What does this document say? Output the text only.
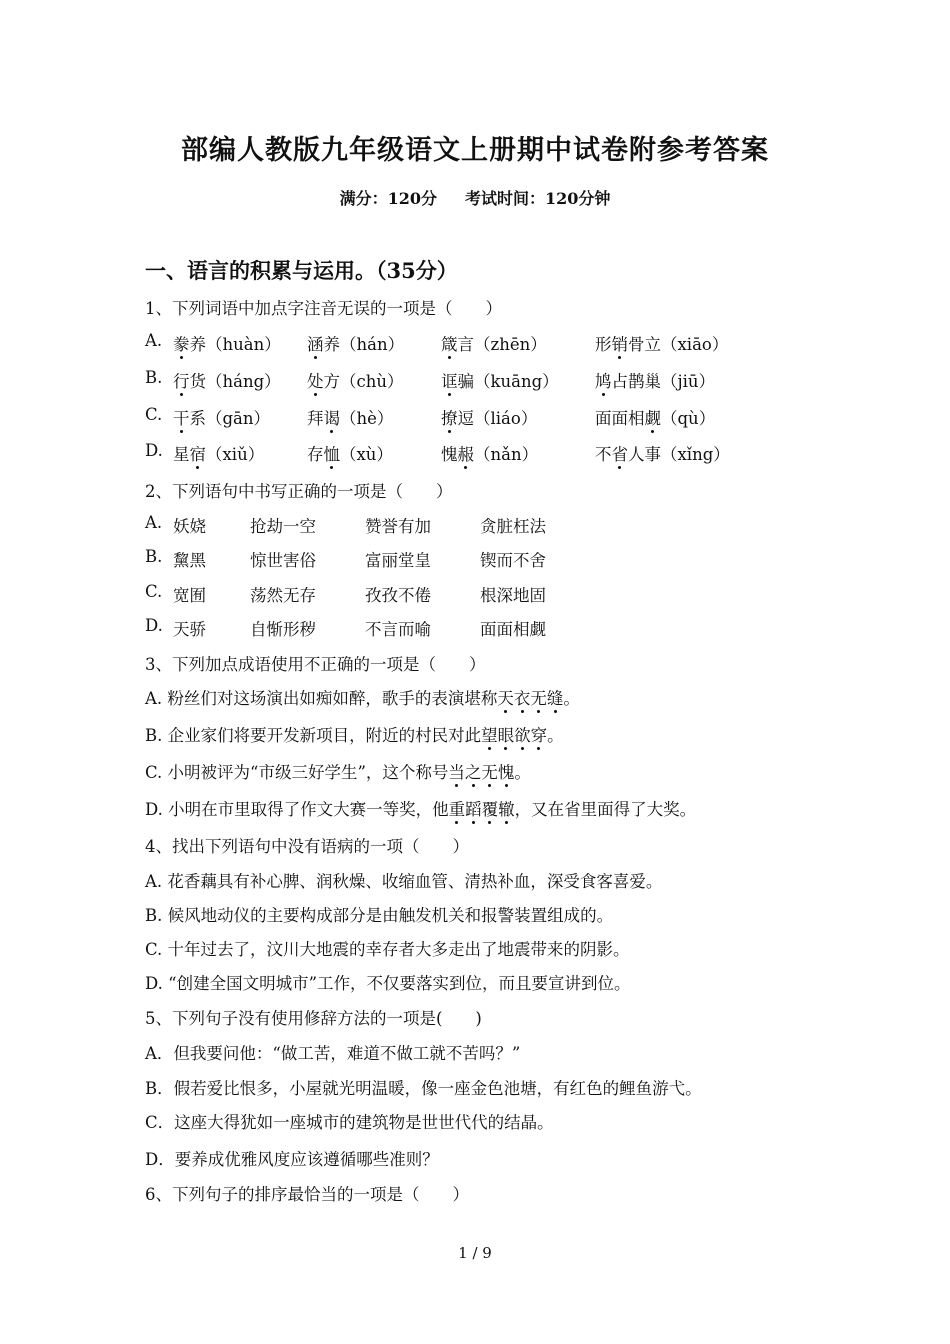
部编人教版九年级语文上册期中试卷附参考答案
满分：120分 考试时间：120分钟
一、语言的积累与运用。（35分）
1、下列词语中加点字注音无误的一项是（　　）
A. 豢养（huàn） 涵养（hán） 箴言（zhēn）	形销骨立（xiāo）
B. 行货（háng） 处方（chù） 诓骗（kuāng） 鸠占鹊巢（jiū）
C. 干系（gān） 拜谒（hè）	撩逗（liáo）	面面相觑（qù）
D. 星宿（xiǔ）	存恤（xù）	愧赧（nǎn）	不省人事（xǐng）
2、下列语句中书写正确的一项是（　　）
A. 妖娆	抢劫一空	赞誉有加	贪脏枉法
B. 黧黑	惊世害俗	富丽堂皇	锲而不舍
C. 宽囿	荡然无存	孜孜不倦	根深地固
D. 天骄	自惭形秽	不言而喻	面面相觑
3、下列加点成语使用不正确的一项是（　　）
A. 粉丝们对这场演出如痴如醉，歌手的表演堪称天衣无缝。
B. 企业家们将要开发新项目，附近的村民对此望眼欲穿。
C. 小明被评为“市级三好学生”，这个称号当之无愧。
D. 小明在市里取得了作文大赛一等奖，他重蹈覆辙，又在省里面得了大奖。
4、找出下列语句中没有语病的一项（　　）
A. 花香藕具有补心脾、润秋燥、收缩血管、清热补血，深受食客喜爱。
B. 候风地动仪的主要构成部分是由触发机关和报警装置组成的。
C. 十年过去了，汶川大地震的幸存者大多走出了地震带来的阴影。
D. “创建全国文明城市”工作，不仅要落实到位，而且要宣讲到位。
5、下列句子没有使用修辞方法的一项是(　　)
A．但我要问他：“做工苦，难道不做工就不苦吗？”
B．假若爱比恨多，小屋就光明温暖，像一座金色池塘，有红色的鲤鱼游弋。
C．这座大得犹如一座城市的建筑物是世世代代的结晶。
D．要养成优雅风度应该遵循哪些准则？
6、下列句子的排序最恰当的一项是（　　）
1 / 9
